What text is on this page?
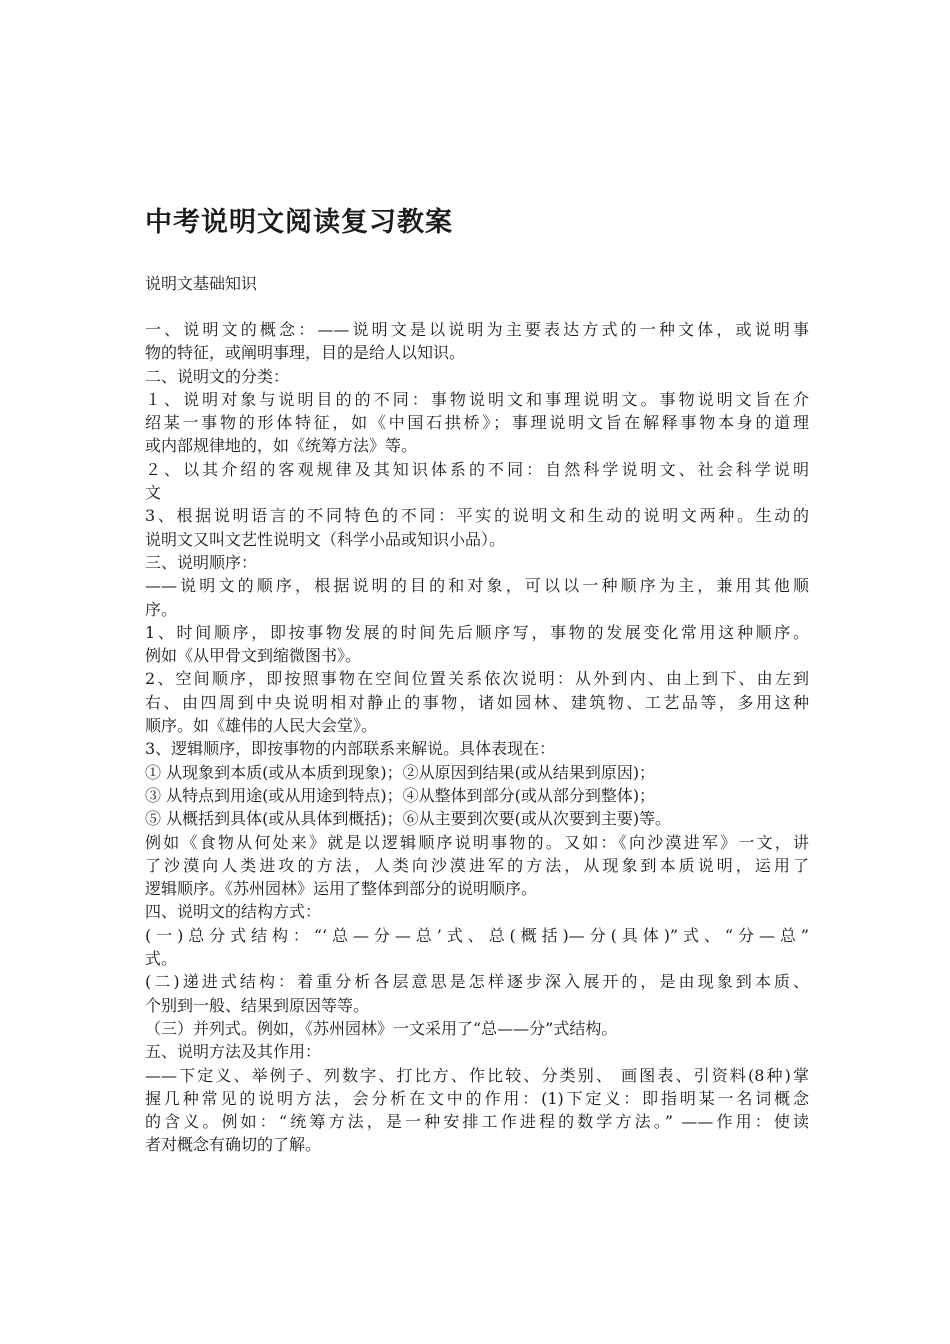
中考说明文阅读复习教案
说明文基础知识
一、说明文的概念：——说明文是以说明为主要表达方式的一种文体，或说明事
物的特征，或阐明事理，目的是给人以知识。
二、说明文的分类：
１、说明对象与说明目的的不同：事物说明文和事理说明文。事物说明文旨在介
绍某一事物的形体特征，如《中国石拱桥》；事理说明文旨在解释事物本身的道理
或内部规律地的，如《统筹方法》等。
２、以其介绍的客观规律及其知识体系的不同：自然科学说明文、社会科学说明
文
3、根据说明语言的不同特色的不同：平实的说明文和生动的说明文两种。生动的
说明文又叫文艺性说明文（科学小品或知识小品）。
三、说明顺序：
——说明文的顺序，根据说明的目的和对象，可以以一种顺序为主，兼用其他顺
序。
1、时间顺序，即按事物发展的时间先后顺序写，事物的发展变化常用这种顺序。
例如《从甲骨文到缩微图书》。
2、空间顺序，即按照事物在空间位置关系依次说明：从外到内、由上到下、由左到
右、由四周到中央说明相对静止的事物，诸如园林、建筑物、工艺品等，多用这种
顺序。如《雄伟的人民大会堂》。
3、逻辑顺序，即按事物的内部联系来解说。具体表现在：
① 从现象到本质(或从本质到现象)；②从原因到结果(或从结果到原因)；
③ 从特点到用途(或从用途到特点)；④从整体到部分(或从部分到整体)；
⑤ 从概括到具体(或从具体到概括)；⑥从主要到次要(或从次要到主要)等。
例如《食物从何处来》就是以逻辑顺序说明事物的。又如：《向沙漠进军》一文，讲
了沙漠向人类进攻的方法，人类向沙漠进军的方法，从现象到本质说明，运用了
逻辑顺序。《苏州园林》运用了整体到部分的说明顺序。
四、说明文的结构方式：
(一)总分式结构：“‘总—分—总’式、总(概括)—分(具体)”式、“分—总”
式。
(二)递进式结构：着重分析各层意思是怎样逐步深入展开的，是由现象到本质、
个别到一般、结果到原因等等。
（三）并列式。例如，《苏州园林》一文采用了“总——分”式结构。
五、说明方法及其作用：
——下定义、举例子、列数字、打比方、作比较、分类别、 画图表、引资料(8种)掌
握几种常见的说明方法，会分析在文中的作用：(1)下定义：即指明某一名词概念
的含义。例如：“统筹方法，是一种安排工作进程的数学方法。” ——作用：使读
者对概念有确切的了解。
